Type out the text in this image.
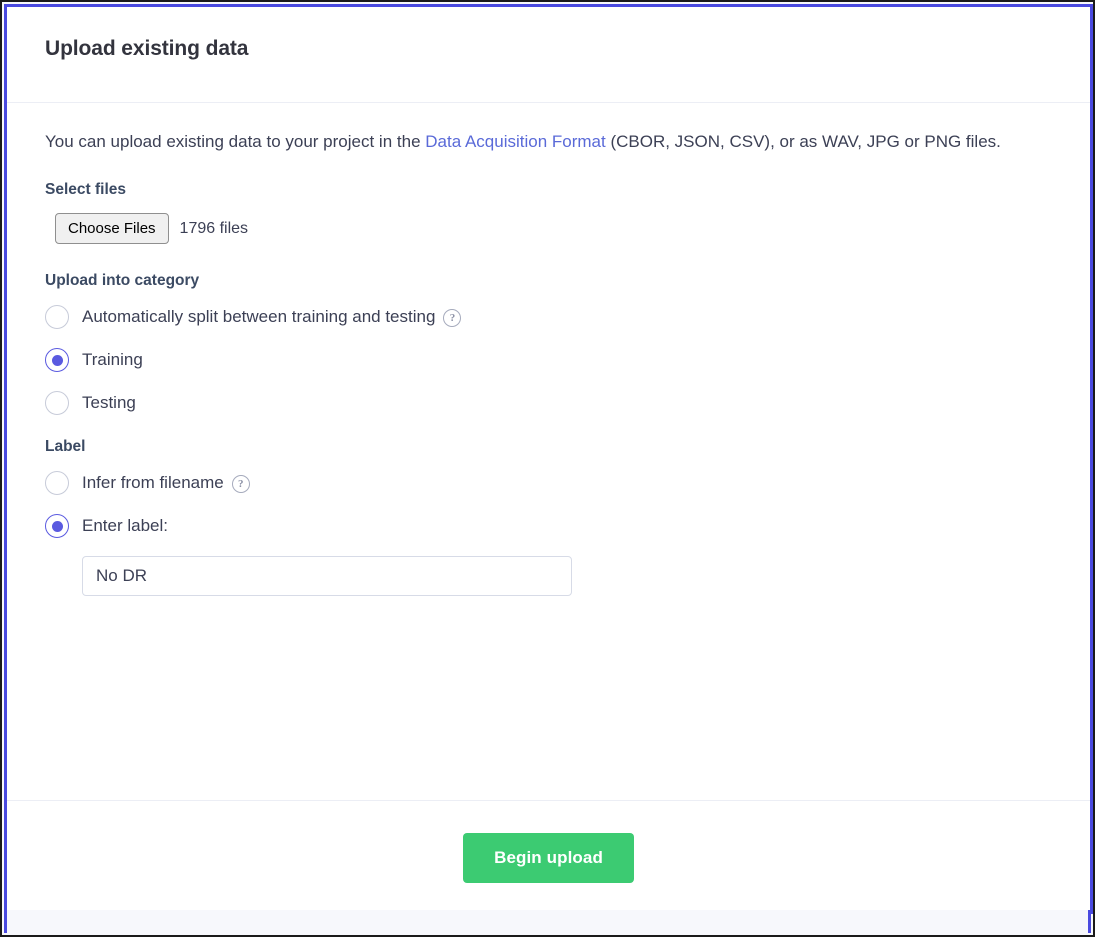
Upload existing data

You can upload existing data to your project in the Data Acquisition Format (CBOR, JSON, CSV), or as WAV, JPG or PNG files.

Select files
Choose Files	1796 files
Upload into category
Automatically split between training and testing	?
Training
Testing
Label
Infer from filename	?
Enter label:
No DR
Begin upload
